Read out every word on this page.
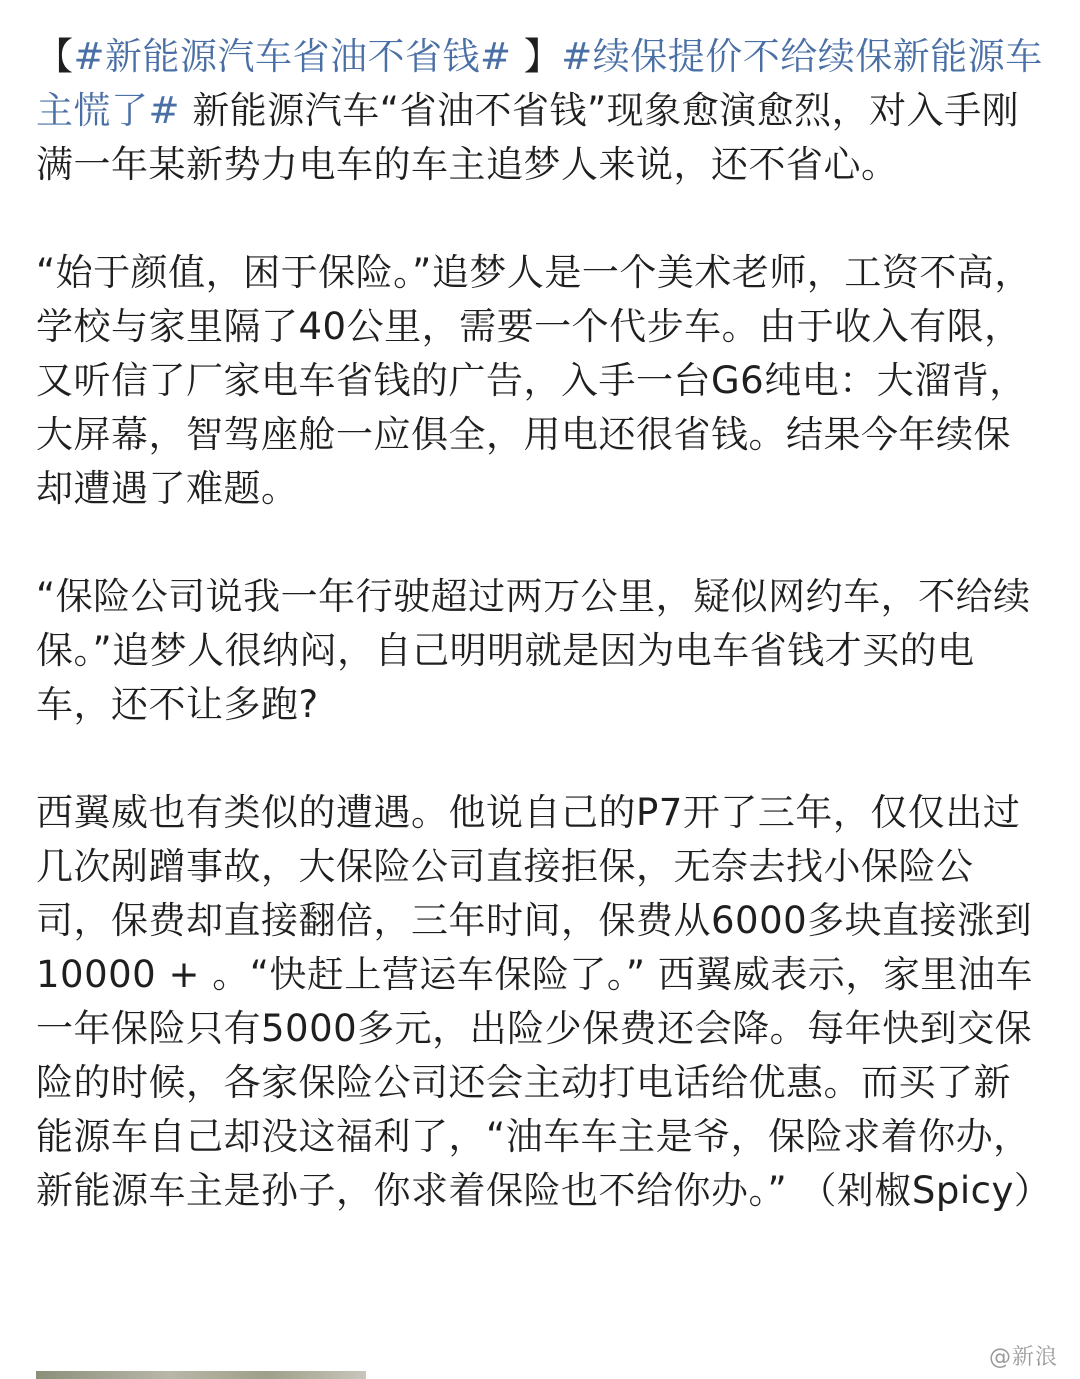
【#新能源汽车省油不省钱# 】#续保提价不给续保新能源车主慌了# 新能源汽车“省油不省钱”现象愈演愈烈，对入手刚满一年某新势力电车的车主追梦人来说，还不省心。

“始于颜值，困于保险。”追梦人是一个美术老师，工资不高，学校与家里隔了40公里，需要一个代步车。由于收入有限，又听信了厂家电车省钱的广告，入手一台G6纯电：大溜背，大屏幕，智驾座舱一应俱全，用电还很省钱。结果今年续保却遭遇了难题。

“保险公司说我一年行驶超过两万公里，疑似网约车，不给续保。”追梦人很纳闷，自己明明就是因为电车省钱才买的电车，还不让多跑?

西翼威也有类似的遭遇。他说自己的P7开了三年，仅仅出过几次剐蹭事故，大保险公司直接拒保，无奈去找小保险公司，保费却直接翻倍，三年时间，保费从6000多块直接涨到10000 + 。“快赶上营运车保险了。” 西翼威表示，家里油车一年保险只有5000多元，出险少保费还会降。每年快到交保险的时候，各家保险公司还会主动打电话给优惠。而买了新能源车自己却没这福利了，“油车车主是爷，保险求着你办，新能源车主是孙子，你求着保险也不给你办。” （剁椒Spicy）

@新浪
